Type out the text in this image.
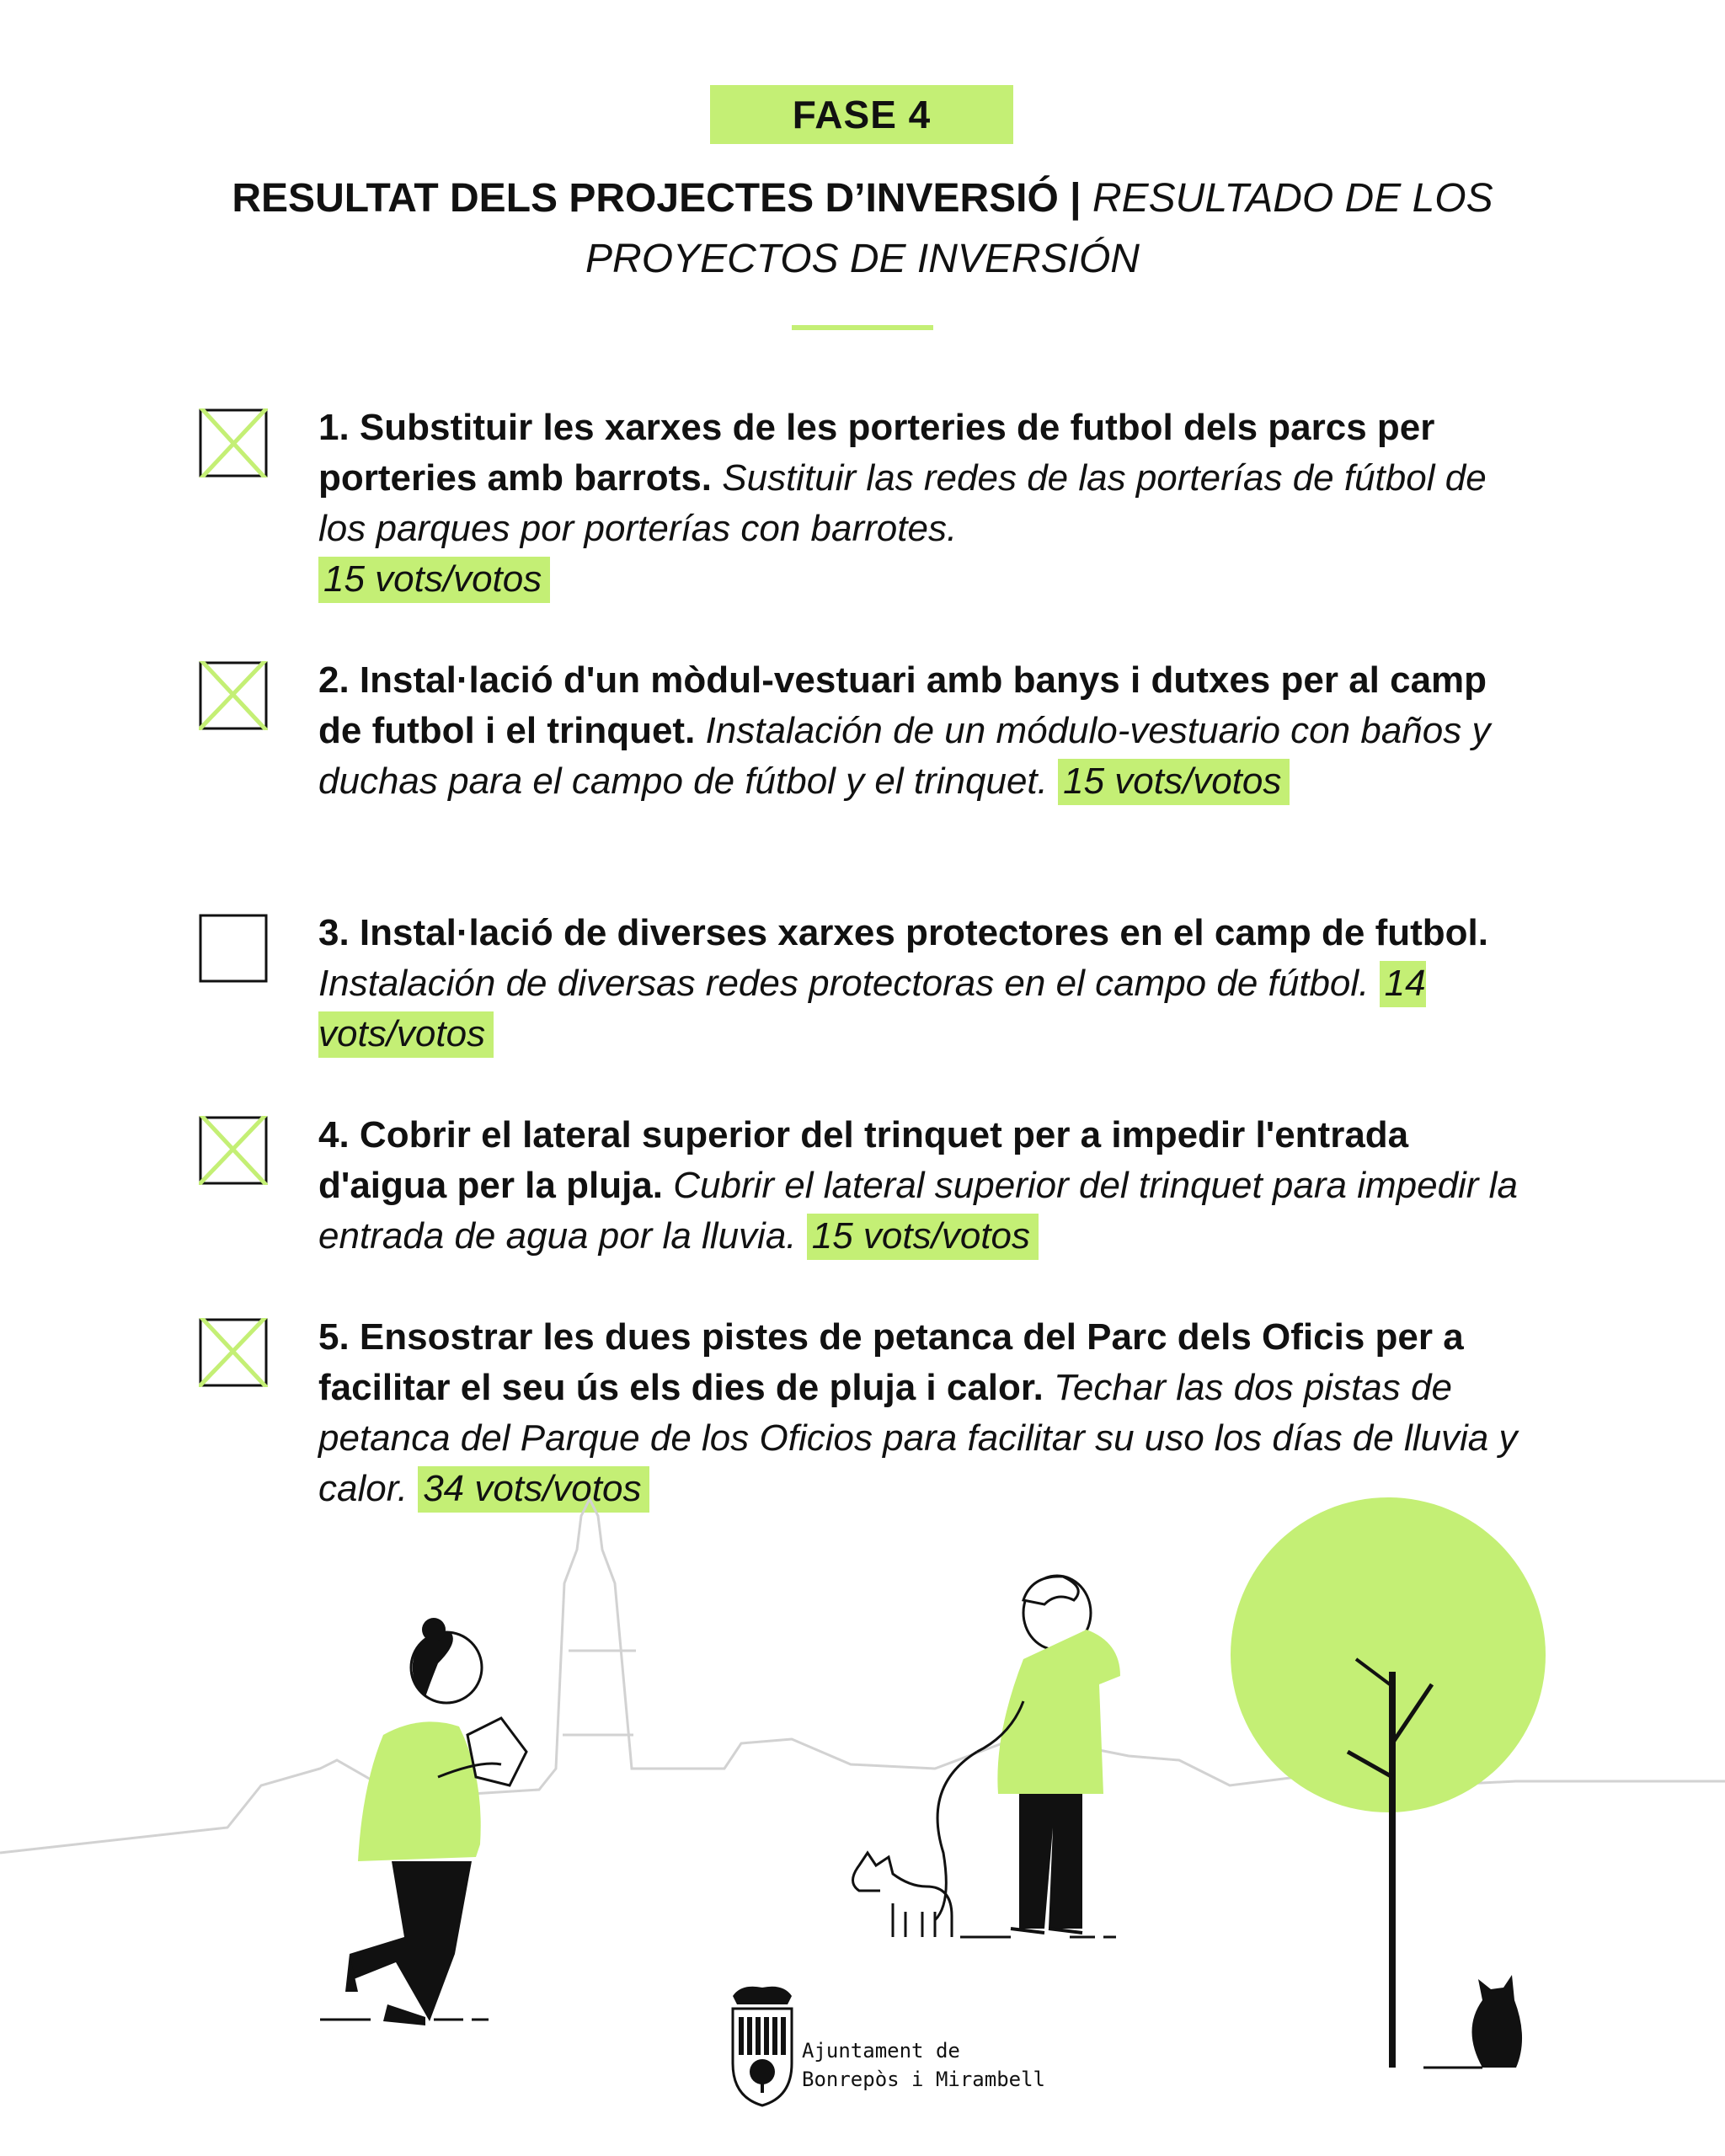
FASE 4
RESULTAT DELS PROJECTES D’INVERSIÓ | RESULTADO DE LOS PROYECTOS DE INVERSIÓN
1. Substituir les xarxes de les porteries de futbol dels parcs per porteries amb barrots. Sustituir las redes de las porterías de fútbol de los parques por porterías con barrotes.
15 vots/votos
2. Instal·lació d'un mòdul-vestuari amb banys i dutxes per al camp de futbol i el trinquet. Instalación de un módulo-vestuario con baños y duchas para el campo de fútbol y el trinquet. 15 vots/votos
3. Instal·lació de diverses xarxes protectores en el camp de futbol. Instalación de diversas redes protectoras en el campo de fútbol. 14 vots/votos
4. Cobrir el lateral superior del trinquet per a impedir l'entrada d'aigua per la pluja. Cubrir el lateral superior del trinquet para impedir la entrada de agua por la lluvia. 15 vots/votos
5. Ensostrar les dues pistes de petanca del Parc dels Oficis per a facilitar el seu ús els dies de pluja i calor. Techar las dos pistas de petanca del Parque de los Oficios para facilitar su uso los días de lluvia y calor. 34 vots/votos
Ajuntament de
Bonrepòs i Mirambell
